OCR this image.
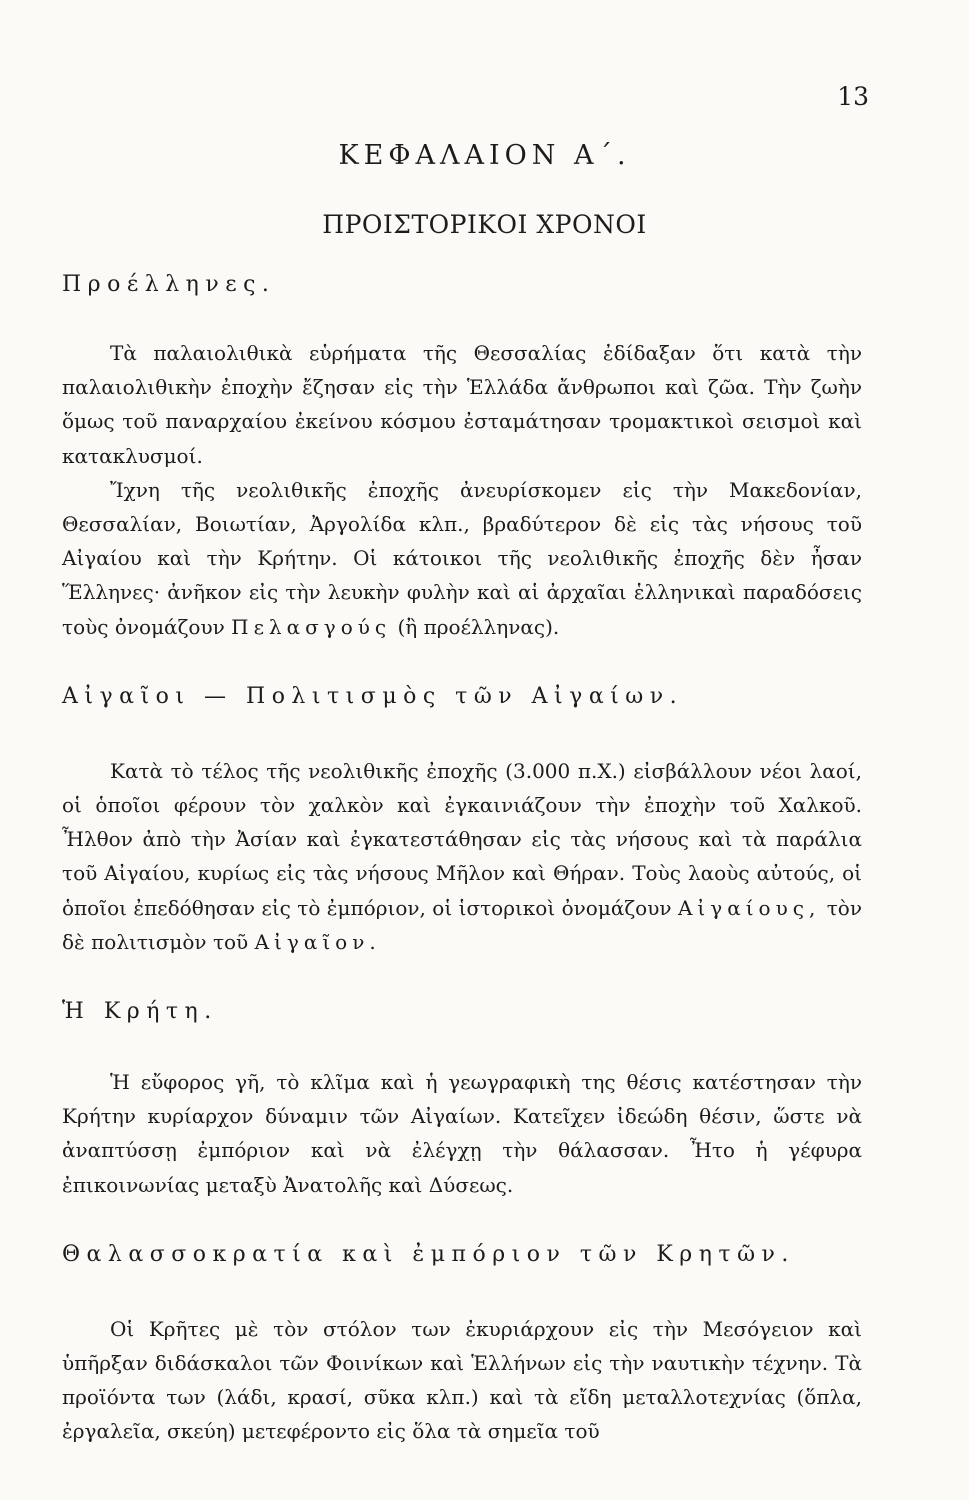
13
ΚΕΦΑΛΑΙΟΝ Α΄.
ΠΡΟΙΣΤΟΡΙΚΟΙ ΧΡΟΝΟΙ

Προέλληνες.

Τὰ παλαιολιθικὰ εὑρήματα τῆς Θεσσαλίας ἐδίδαξαν ὅτι κατὰ τὴν παλαιολιθικὴν ἐποχὴν ἔζησαν εἰς τὴν Ἑλλάδα ἄνθρωποι καὶ ζῶα. Τὴν ζωὴν ὅμως τοῦ παναρχαίου ἐκείνου κόσμου ἐσταμάτησαν τρομακτικοὶ σεισμοὶ καὶ κατακλυσμοί.

Ἴχνη τῆς νεολιθικῆς ἐποχῆς ἀνευρίσκομεν εἰς τὴν Μακεδονίαν, Θεσσαλίαν, Βοιωτίαν, Ἀργολίδα κλπ., βραδύτερον δὲ εἰς τὰς νήσους τοῦ Αἰγαίου καὶ τὴν Κρήτην. Οἱ κάτοικοι τῆς νεολιθικῆς ἐποχῆς δὲν ἦσαν Ἕλληνες· ἀνῆκον εἰς τὴν λευκὴν φυλὴν καὶ αἱ ἀρχαῖαι ἑλληνικαὶ παραδόσεις τοὺς ὀνομάζουν Πελασγούς (ἢ προέλληνας).

Αἰγαῖοι — Πολιτισμὸς τῶν Αἰγαίων.

Κατὰ τὸ τέλος τῆς νεολιθικῆς ἐποχῆς (3.000 π.Χ.) εἰσβάλλουν νέοι λαοί, οἱ ὁποῖοι φέρουν τὸν χαλκὸν καὶ ἐγκαινιάζουν τὴν ἐποχὴν τοῦ Χαλκοῦ. Ἦλθον ἀπὸ τὴν Ἀσίαν καὶ ἐγκατεστάθησαν εἰς τὰς νήσους καὶ τὰ παράλια τοῦ Αἰγαίου, κυρίως εἰς τὰς νήσους Μῆλον καὶ Θήραν. Τοὺς λαοὺς αὐτούς, οἱ ὁποῖοι ἐπεδόθησαν εἰς τὸ ἐμπόριον, οἱ ἱστορικοὶ ὀνομάζουν Αἰγαίους, τὸν δὲ πολιτισμὸν τοῦ Αἰγαῖον.

Ἡ Κρήτη.

Ἡ εὔφορος γῆ, τὸ κλῖμα καὶ ἡ γεωγραφικὴ της θέσις κατέστησαν τὴν Κρήτην κυρίαρχον δύναμιν τῶν Αἰγαίων. Κατεῖχεν ἰδεώδη θέσιν, ὥστε νὰ ἀναπτύσσῃ ἐμπόριον καὶ νὰ ἐλέγχῃ τὴν θάλασσαν. Ἦτο ἡ γέφυρα ἐπικοινωνίας μεταξὺ Ἀνατολῆς καὶ Δύσεως.

Θαλασσοκρατία καὶ ἐμπόριον τῶν Κρητῶν.

Οἱ Κρῆτες μὲ τὸν στόλον των ἐκυριάρχουν εἰς τὴν Μεσόγειον καὶ ὑπῆρξαν διδάσκαλοι τῶν Φοινίκων καὶ Ἑλλήνων εἰς τὴν ναυτικὴν τέχνην. Τὰ προϊόντα των (λάδι, κρασί, σῦκα κλπ.) καὶ τὰ εἴδη μεταλλοτεχνίας (ὅπλα, ἐργαλεῖα, σκεύη) μετεφέροντο εἰς ὅλα τὰ σημεῖα τοῦ
